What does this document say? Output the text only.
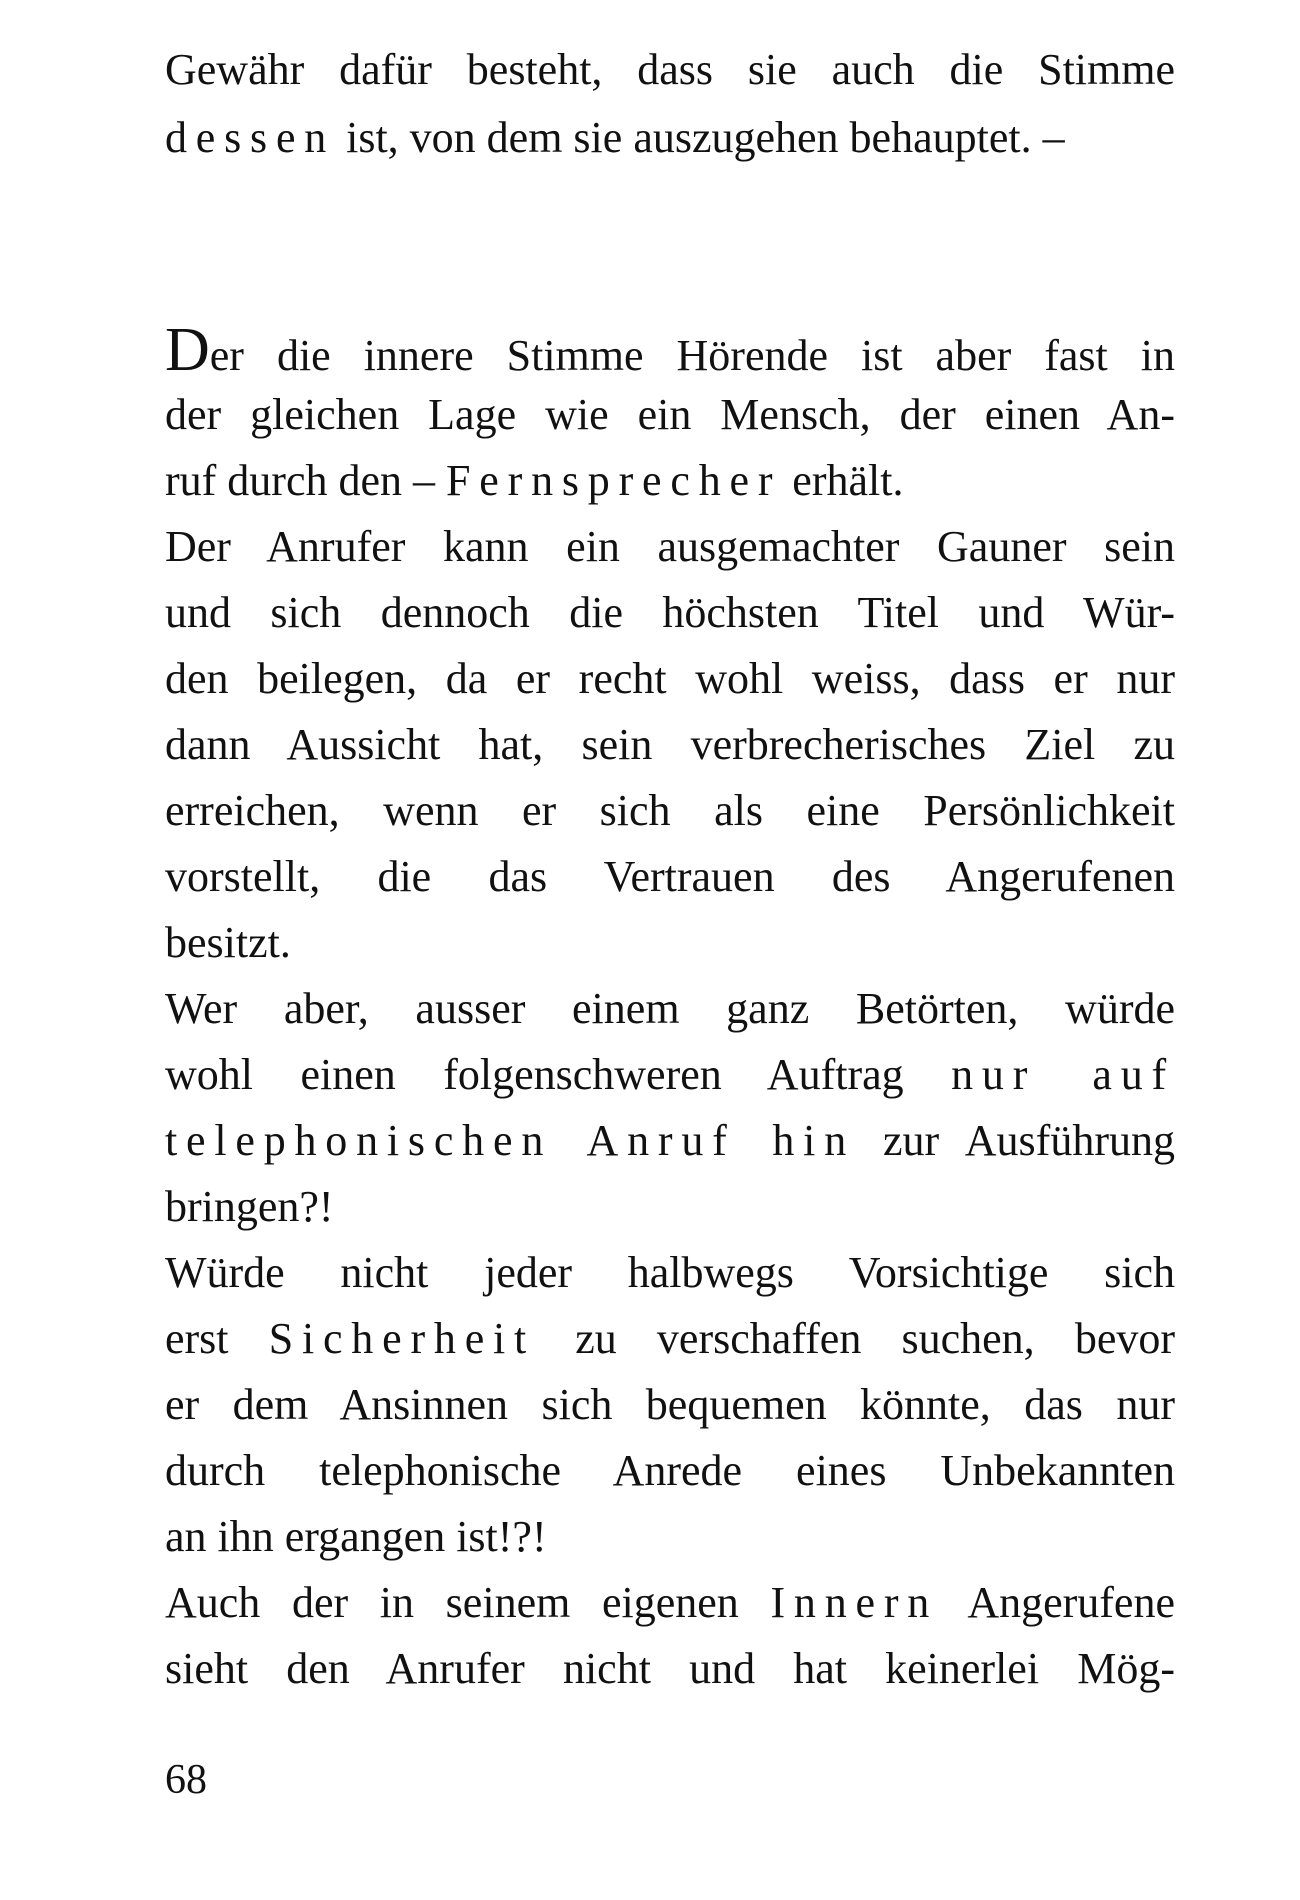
Gewähr dafür besteht, dass sie auch die Stimme
dessen ist, von dem sie auszugehen behauptet. –
Der die innere Stimme Hörende ist aber fast in
der gleichen Lage wie ein Mensch, der einen An-
ruf durch den – Fernsprecher erhält.
Der Anrufer kann ein ausgemachter Gauner sein
und sich dennoch die höchsten Titel und Wür-
den beilegen, da er recht wohl weiss, dass er nur
dann Aussicht hat, sein verbrecherisches Ziel zu
erreichen, wenn er sich als eine Persönlichkeit
vorstellt, die das Vertrauen des Angerufenen
besitzt.
Wer aber, ausser einem ganz Betörten, würde
wohl einen folgenschweren Auftrag nur auf
telephonischen Anruf hin zur Ausführung
bringen?!
Würde nicht jeder halbwegs Vorsichtige sich
erst Sicherheit zu verschaffen suchen, bevor
er dem Ansinnen sich bequemen könnte, das nur
durch telephonische Anrede eines Unbekannten
an ihn ergangen ist!?!
Auch der in seinem eigenen Innern Angerufene
sieht den Anrufer nicht und hat keinerlei Mög-
68
